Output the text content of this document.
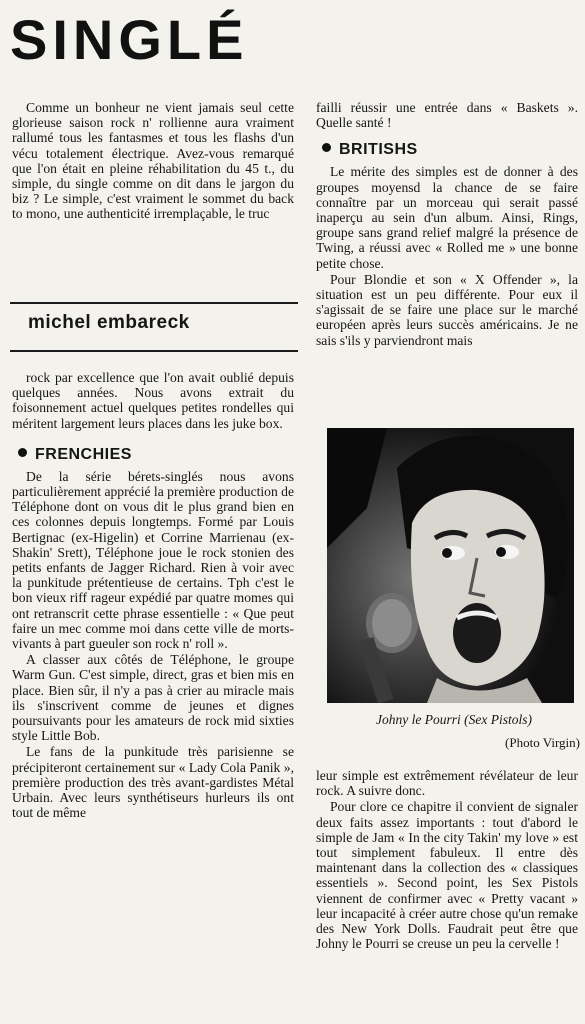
SINGLÉ

Comme un bonheur ne vient jamais seul cette glorieuse saison rock n' rollienne aura vraiment rallumé tous les fantasmes et tous les flashs d'un vécu totalement électrique. Avez-vous remarqué que l'on était en pleine réhabilitation du 45 t., du simple, du single comme on dit dans le jargon du biz ? Le simple, c'est vraiment le sommet du back to mono, une authenticité irremplaçable, le truc

michel embareck

rock par excellence que l'on avait oublié depuis quelques années. Nous avons extrait du foisonnement actuel quelques petites rondelles qui méritent largement leurs places dans les juke box.

FRENCHIES

De la série bérets-singlés nous avons particulièrement apprécié la première production de Téléphone dont on vous dit le plus grand bien en ces colonnes depuis longtemps. Formé par Louis Bertignac (ex-Higelin) et Corrine Marrienau (ex-Shakin' Srett), Téléphone joue le rock stonien des petits enfants de Jagger Richard. Rien à voir avec la punkitude prétentieuse de certains. Tph c'est le bon vieux riff rageur expédié par quatre momes qui ont retranscrit cette phrase essentielle : « Que peut faire un mec comme moi dans cette ville de morts-vivants à part gueuler son rock n' roll ».

A classer aux côtés de Téléphone, le groupe Warm Gun. C'est simple, direct, gras et bien mis en place. Bien sûr, il n'y a pas à crier au miracle mais ils s'inscrivent comme de jeunes et dignes poursuivants pour les amateurs de rock mid sixties style Little Bob.

Le fans de la punkitude très parisienne se précipiteront certainement sur « Lady Cola Panik », première production des très avant-gardistes Métal Urbain. Avec leurs synthétiseurs hurleurs ils ont tout de même

failli réussir une entrée dans « Baskets ». Quelle santé !

BRITISHS

Le mérite des simples est de donner à des groupes moyensd la chance de se faire connaître par un morceau qui serait passé inaperçu au sein d'un album. Ainsi, Rings, groupe sans grand relief malgré la présence de Twing, a réussi avec « Rolled me » une bonne petite chose.

Pour Blondie et son « X Offender », la situation est un peu différente. Pour eux il s'agissait de se faire une place sur le marché européen après leurs succès américains. Je ne sais s'ils y parviendront mais

Johny le Pourri (Sex Pistols)
(Photo Virgin)

leur simple est extrêmement révélateur de leur rock. A suivre donc.

Pour clore ce chapitre il convient de signaler deux faits assez importants : tout d'abord le simple de Jam « In the city Takin' my love » est tout simplement fabuleux. Il entre dès maintenant dans la collection des « classiques essentiels ». Second point, les Sex Pistols viennent de confirmer avec « Pretty vacant » leur incapacité à créer autre chose qu'un remake des New York Dolls. Faudrait peut être que Johny le Pourri se creuse un peu la cervelle !
